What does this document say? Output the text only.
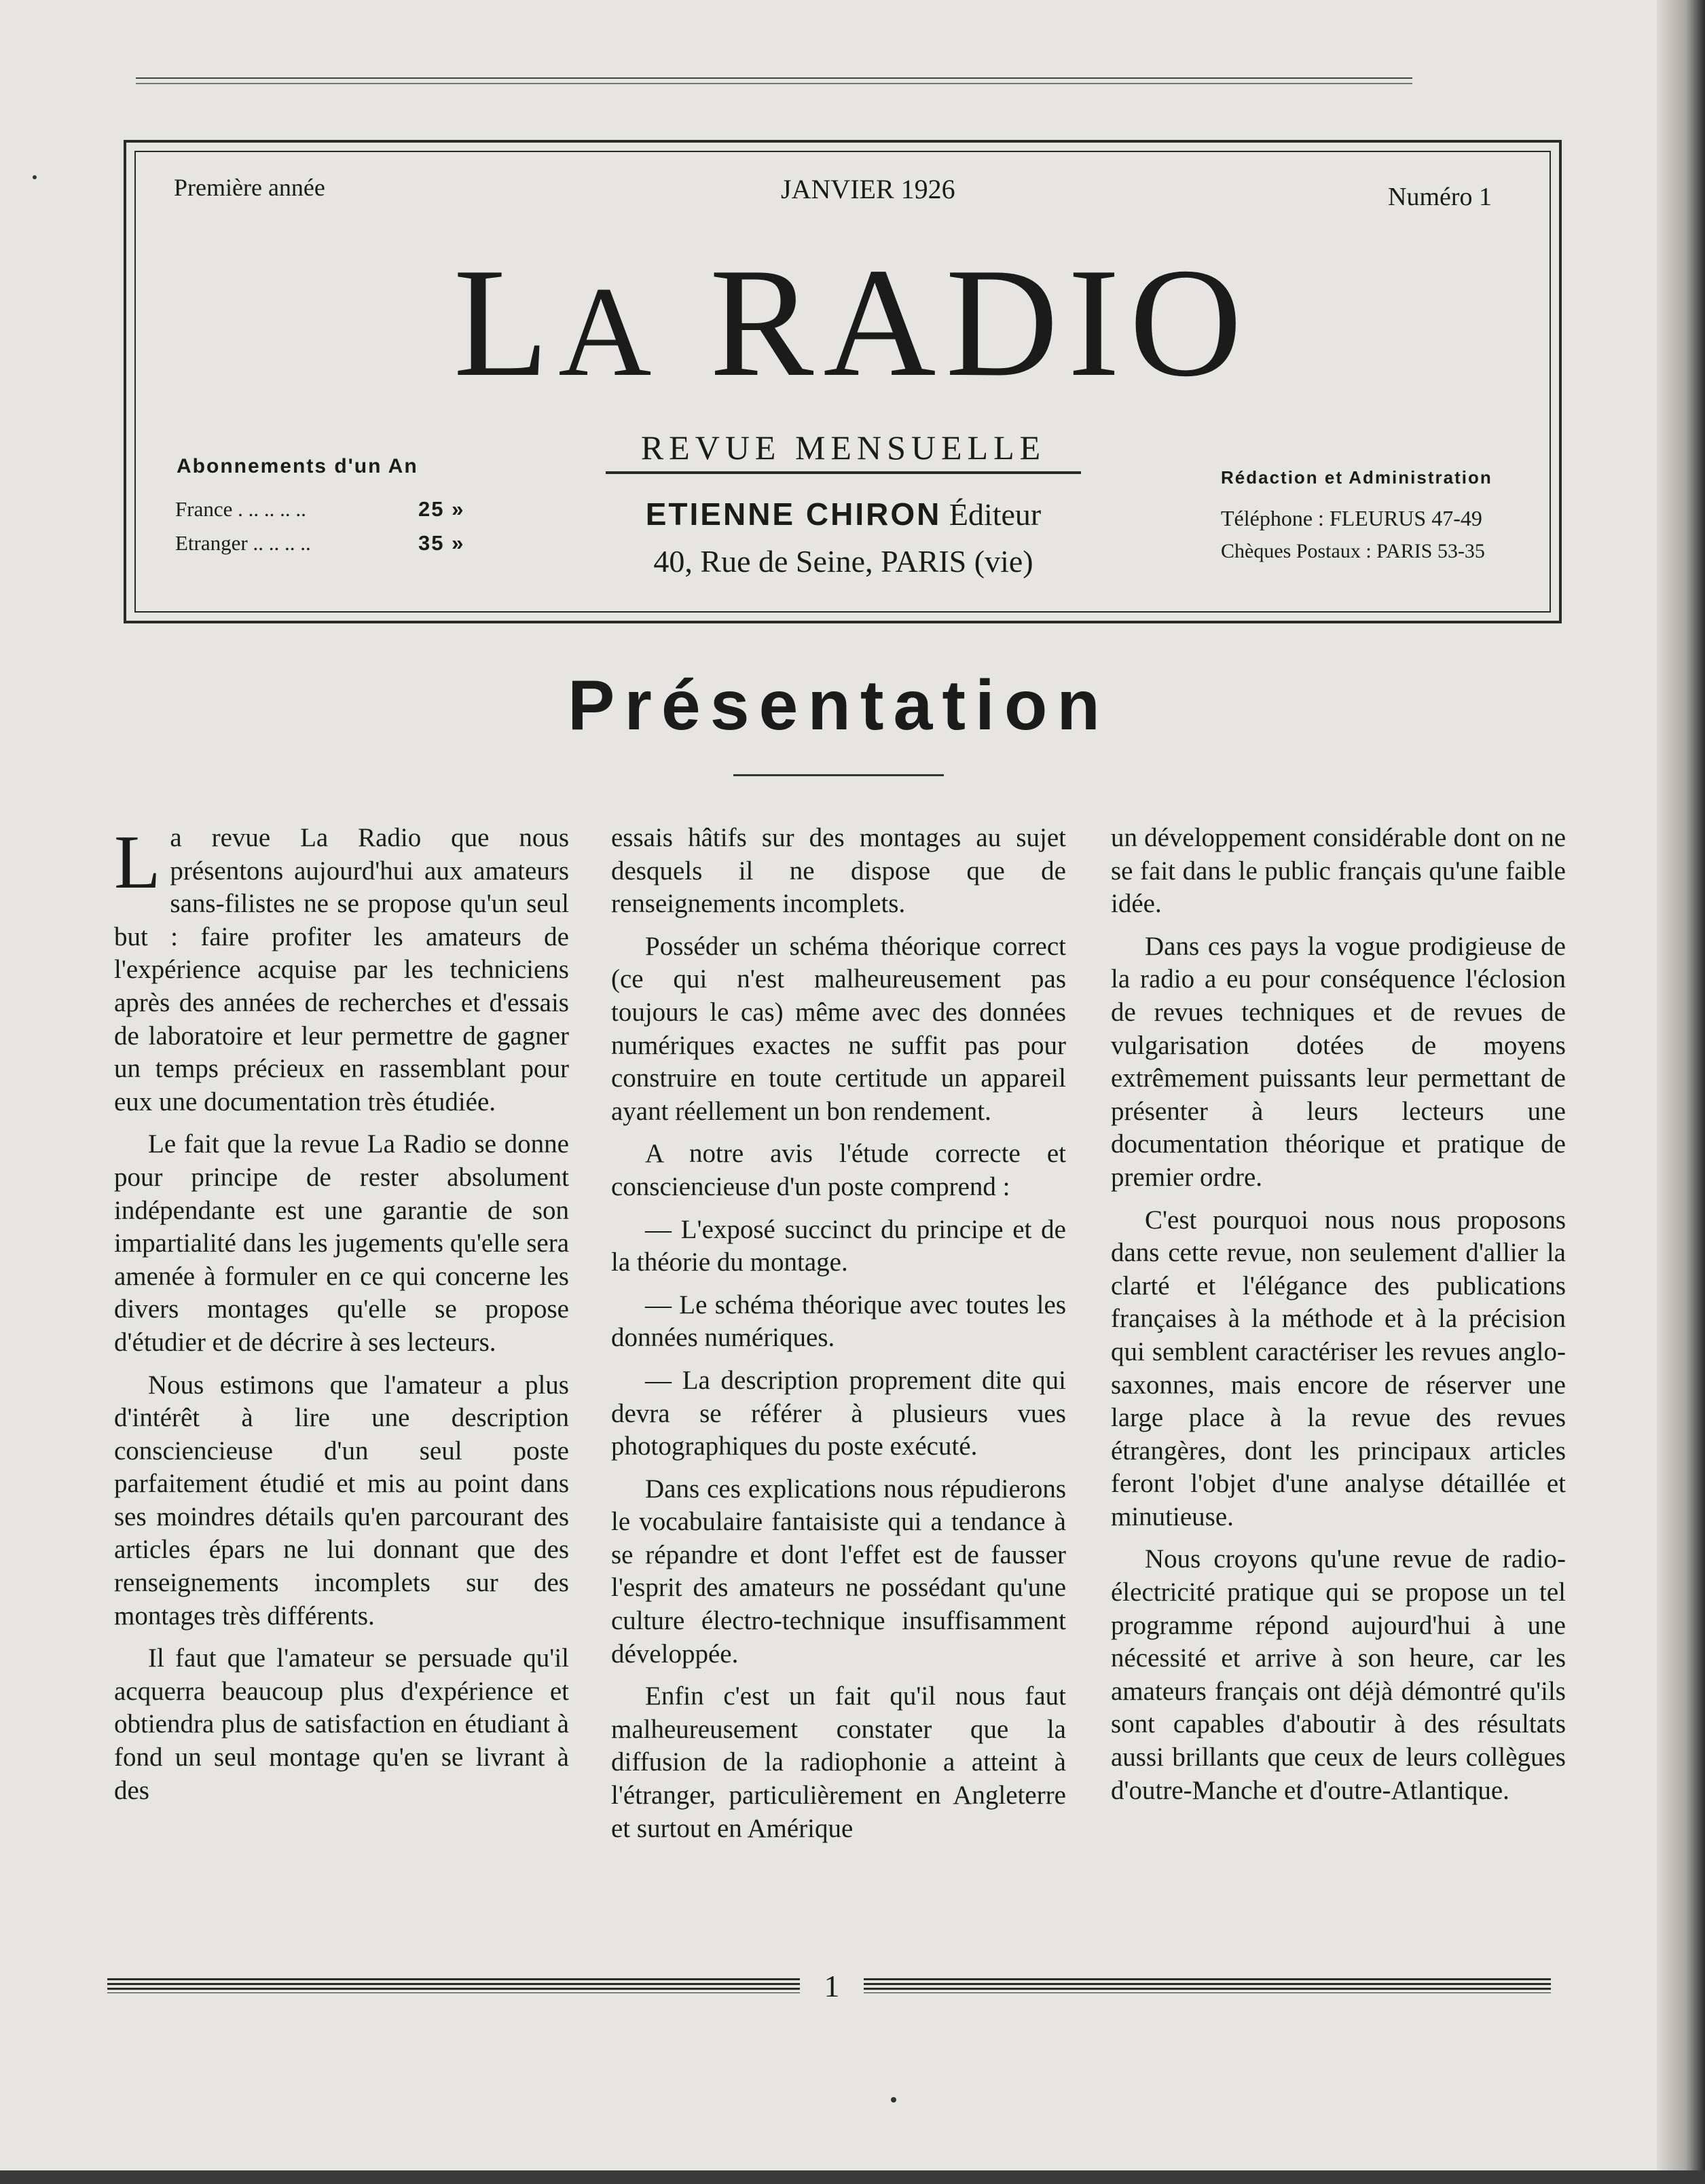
Première année	JANVIER 1926	Numéro 1
LA RADIO
REVUE MENSUELLE
ETIENNE CHIRON Éditeur
40, Rue de Seine, PARIS (vie)
Abonnements d'un An
France . .. .. .. ..	25 »
Etranger .. .. .. ..	35 »
Rédaction et Administration
Téléphone : FLEURUS 47-49
Chèques Postaux : PARIS 53-35
Présentation

La revue La Radio que nous présentons aujourd'hui aux amateurs sans-filistes ne se propose qu'un seul but : faire profiter les amateurs de l'expérience acquise par les techniciens après des années de recherches et d'essais de laboratoire et leur permettre de gagner un temps précieux en rassemblant pour eux une documentation très étudiée.

Le fait que la revue La Radio se donne pour principe de rester absolument indépendante est une garantie de son impartialité dans les jugements qu'elle sera amenée à formuler en ce qui concerne les divers montages qu'elle se propose d'étudier et de décrire à ses lecteurs.

Nous estimons que l'amateur a plus d'intérêt à lire une description consciencieuse d'un seul poste parfaitement étudié et mis au point dans ses moindres détails qu'en parcourant des articles épars ne lui donnant que des renseignements incomplets sur des montages très différents.

Il faut que l'amateur se persuade qu'il acquerra beaucoup plus d'expérience et obtiendra plus de satisfaction en étudiant à fond un seul montage qu'en se livrant à des

essais hâtifs sur des montages au sujet desquels il ne dispose que de renseignements incomplets.

Posséder un schéma théorique correct (ce qui n'est malheureusement pas toujours le cas) même avec des données numériques exactes ne suffit pas pour construire en toute certitude un appareil ayant réellement un bon rendement.

A notre avis l'étude correcte et consciencieuse d'un poste comprend :

— L'exposé succinct du principe et de la théorie du montage.

— Le schéma théorique avec toutes les données numériques.

— La description proprement dite qui devra se référer à plusieurs vues photographiques du poste exécuté.

Dans ces explications nous répudierons le vocabulaire fantaisiste qui a tendance à se répandre et dont l'effet est de fausser l'esprit des amateurs ne possédant qu'une culture électro-technique insuffisamment développée.

Enfin c'est un fait qu'il nous faut malheureusement constater que la diffusion de la radiophonie a atteint à l'étranger, particulièrement en Angleterre et surtout en Amérique

un développement considérable dont on ne se fait dans le public français qu'une faible idée.

Dans ces pays la vogue prodigieuse de la radio a eu pour conséquence l'éclosion de revues techniques et de revues de vulgarisation dotées de moyens extrêmement puissants leur permettant de présenter à leurs lecteurs une documentation théorique et pratique de premier ordre.

C'est pourquoi nous nous proposons dans cette revue, non seulement d'allier la clarté et l'élégance des publications françaises à la méthode et à la précision qui semblent caractériser les revues anglo-saxonnes, mais encore de réserver une large place à la revue des revues étrangères, dont les principaux articles feront l'objet d'une analyse détaillée et minutieuse.

Nous croyons qu'une revue de radio-électricité pratique qui se propose un tel programme répond aujourd'hui à une nécessité et arrive à son heure, car les amateurs français ont déjà démontré qu'ils sont capables d'aboutir à des résultats aussi brillants que ceux de leurs collègues d'outre-Manche et d'outre-Atlantique.

1
